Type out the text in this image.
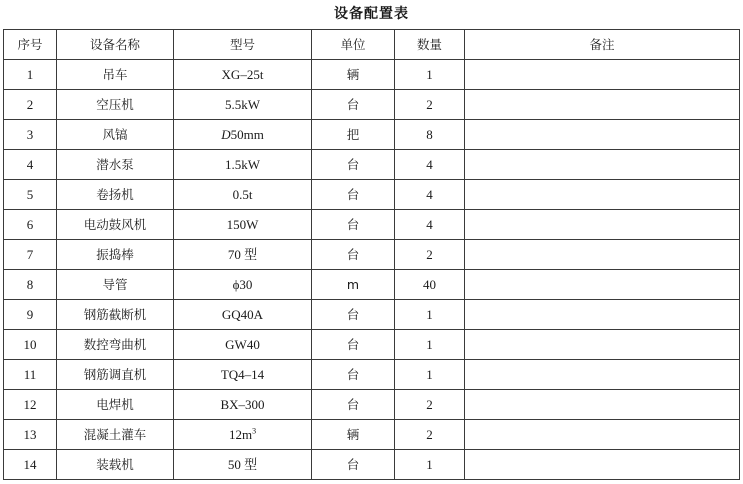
设备配置表
序号	设备名称	型号	单位	数量	备注
1	吊车	XG–25t	辆	1	
2	空压机	5.5kW	台	2	
3	风镐	D50mm	把	8	
4	潜水泵	1.5kW	台	4	
5	卷扬机	0.5t	台	4	
6	电动鼓风机	150W	台	4	
7	振捣棒	70 型	台	2	
8	导管	ϕ30	m	40	
9	钢筋截断机	GQ40A	台	1	
10	数控弯曲机	GW40	台	1	
11	钢筋调直机	TQ4–14	台	1	
12	电焊机	BX–300	台	2	
13	混凝土灌车	$12m^3$	辆	2	
14	装载机	50 型	台	1	
